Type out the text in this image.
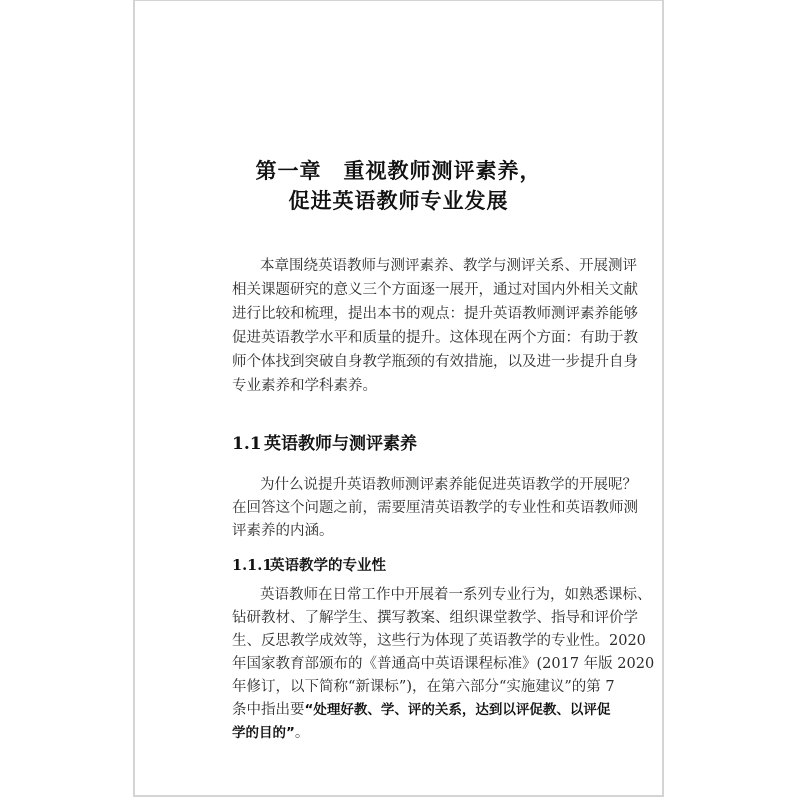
第一章 重视教师测评素养，
促进英语教师专业发展
本章围绕英语教师与测评素养、教学与测评关系、开展测评
相关课题研究的意义三个方面逐一展开，通过对国内外相关文献
进行比较和梳理，提出本书的观点：提升英语教师测评素养能够
促进英语教学水平和质量的提升。这体现在两个方面：有助于教
师个体找到突破自身教学瓶颈的有效措施，以及进一步提升自身
专业素养和学科素养。
1.1 英语教师与测评素养
为什么说提升英语教师测评素养能促进英语教学的开展呢？
在回答这个问题之前，需要厘清英语教学的专业性和英语教师测
评素养的内涵。
1.1.1英语教学的专业性
英语教师在日常工作中开展着一系列专业行为，如熟悉课标、
钻研教材、了解学生、撰写教案、组织课堂教学、指导和评价学
生、反思教学成效等，这些行为体现了英语教学的专业性。2020
年国家教育部颁布的《普通高中英语课程标准》(2017 年版 2020
年修订，以下简称“新课标”)，在第六部分“实施建议”的第 7
条中指出要“处理好教、学、评的关系，达到以评促教、以评促
学的目的”。
